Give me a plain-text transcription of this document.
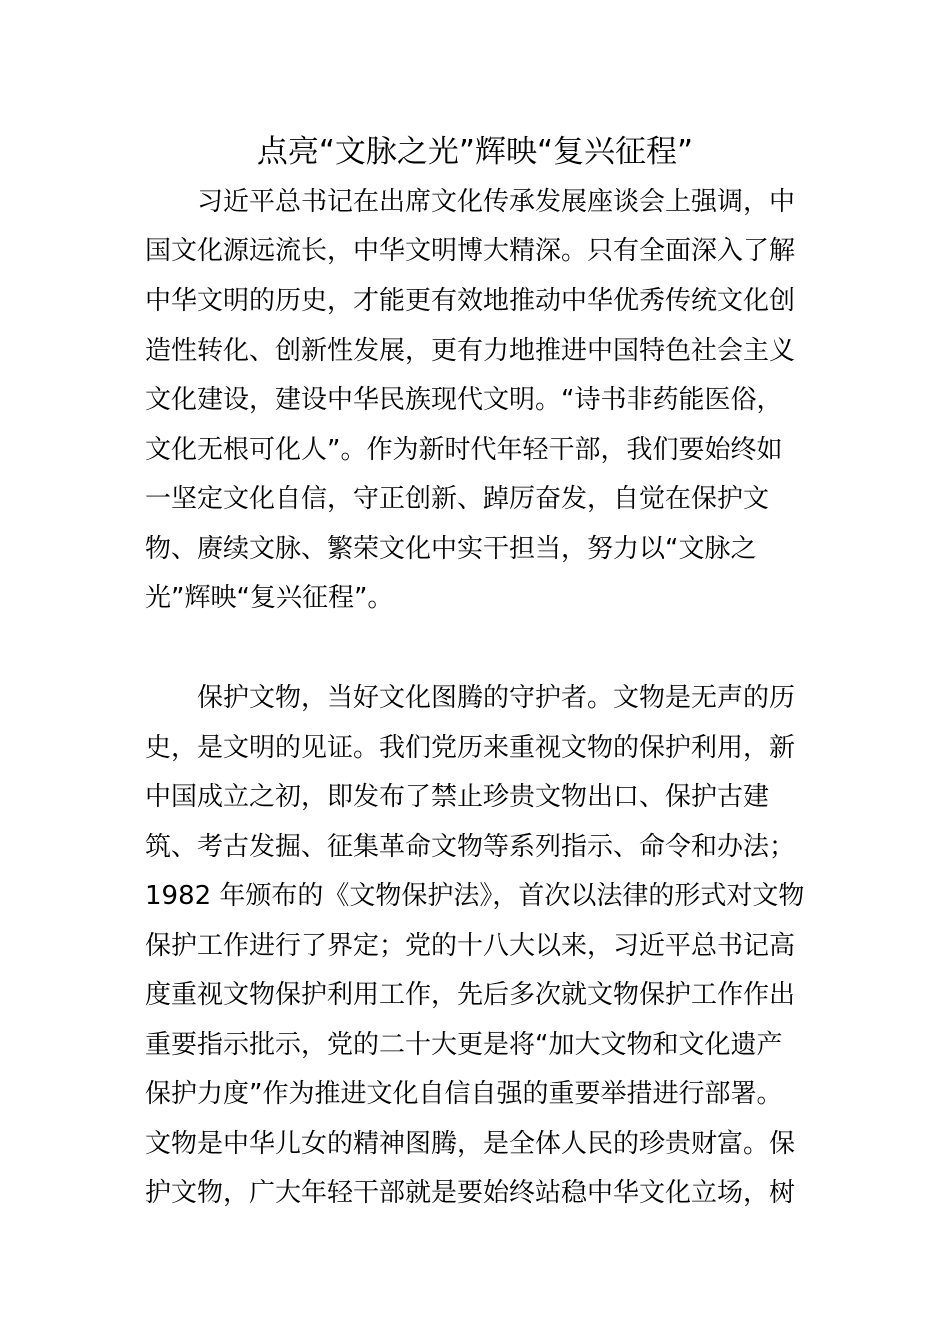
点亮“文脉之光”辉映“复兴征程”

习近平总书记在出席文化传承发展座谈会上强调，中

国文化源远流长，中华文明博大精深。只有全面深入了解

中华文明的历史，才能更有效地推动中华优秀传统文化创

造性转化、创新性发展，更有力地推进中国特色社会主义

文化建设，建设中华民族现代文明。“诗书非药能医俗，

文化无根可化人”。作为新时代年轻干部，我们要始终如

一坚定文化自信，守正创新、踔厉奋发，自觉在保护文

物、赓续文脉、繁荣文化中实干担当，努力以“文脉之

光”辉映“复兴征程”。

保护文物，当好文化图腾的守护者。文物是无声的历

史，是文明的见证。我们党历来重视文物的保护利用，新

中国成立之初，即发布了禁止珍贵文物出口、保护古建

筑、考古发掘、征集革命文物等系列指示、命令和办法；

1982 年颁布的《文物保护法》，首次以法律的形式对文物

保护工作进行了界定；党的十八大以来，习近平总书记高

度重视文物保护利用工作，先后多次就文物保护工作作出

重要指示批示，党的二十大更是将“加大文物和文化遗产

保护力度”作为推进文化自信自强的重要举措进行部署。

文物是中华儿女的精神图腾，是全体人民的珍贵财富。保

护文物，广大年轻干部就是要始终站稳中华文化立场，树
